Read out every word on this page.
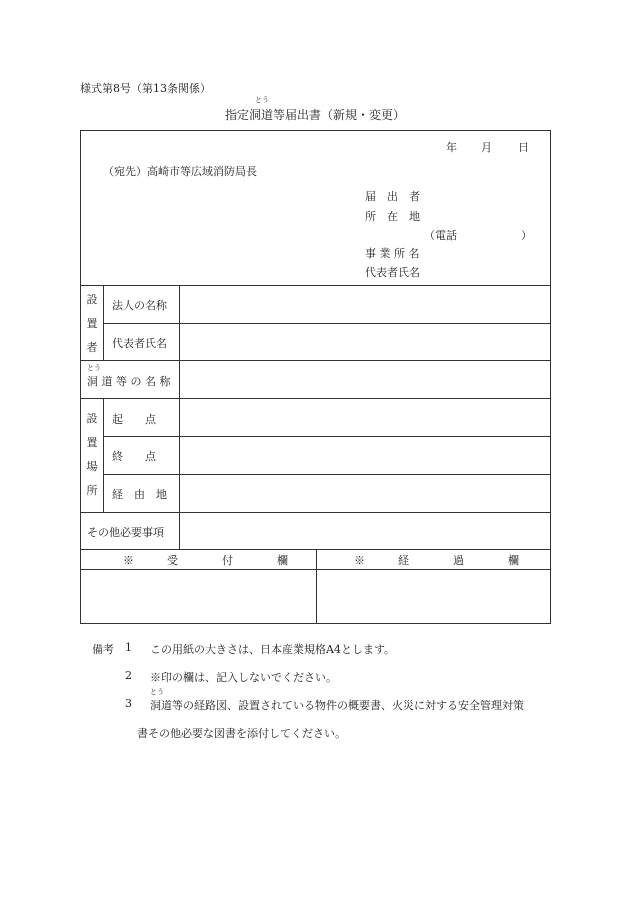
様式第8号（第13条関係）
とう
指定洞道等届出書（新規・変更）
年 月 日
（宛先）高崎市等広域消防局長
届　出　者
所　在　地
（電話	）
事 業 所 名
代表者氏名
設
置
者
法人の名称
代表者氏名
とう
洞 道 等 の 名 称
設
置
場
所
起　　点
終　　点
経　由　地
その他必要事項
※　　　受　　　　付　　　　欄	※　　　経　　　　過　　　　欄
備考 1 この用紙の大きさは、日本産業規格A4とします。
2 ※印の欄は、記入しないでください。
とう
3 洞道等の経路図、設置されている物件の概要書、火災に対する安全管理対策
書その他必要な図書を添付してください。
